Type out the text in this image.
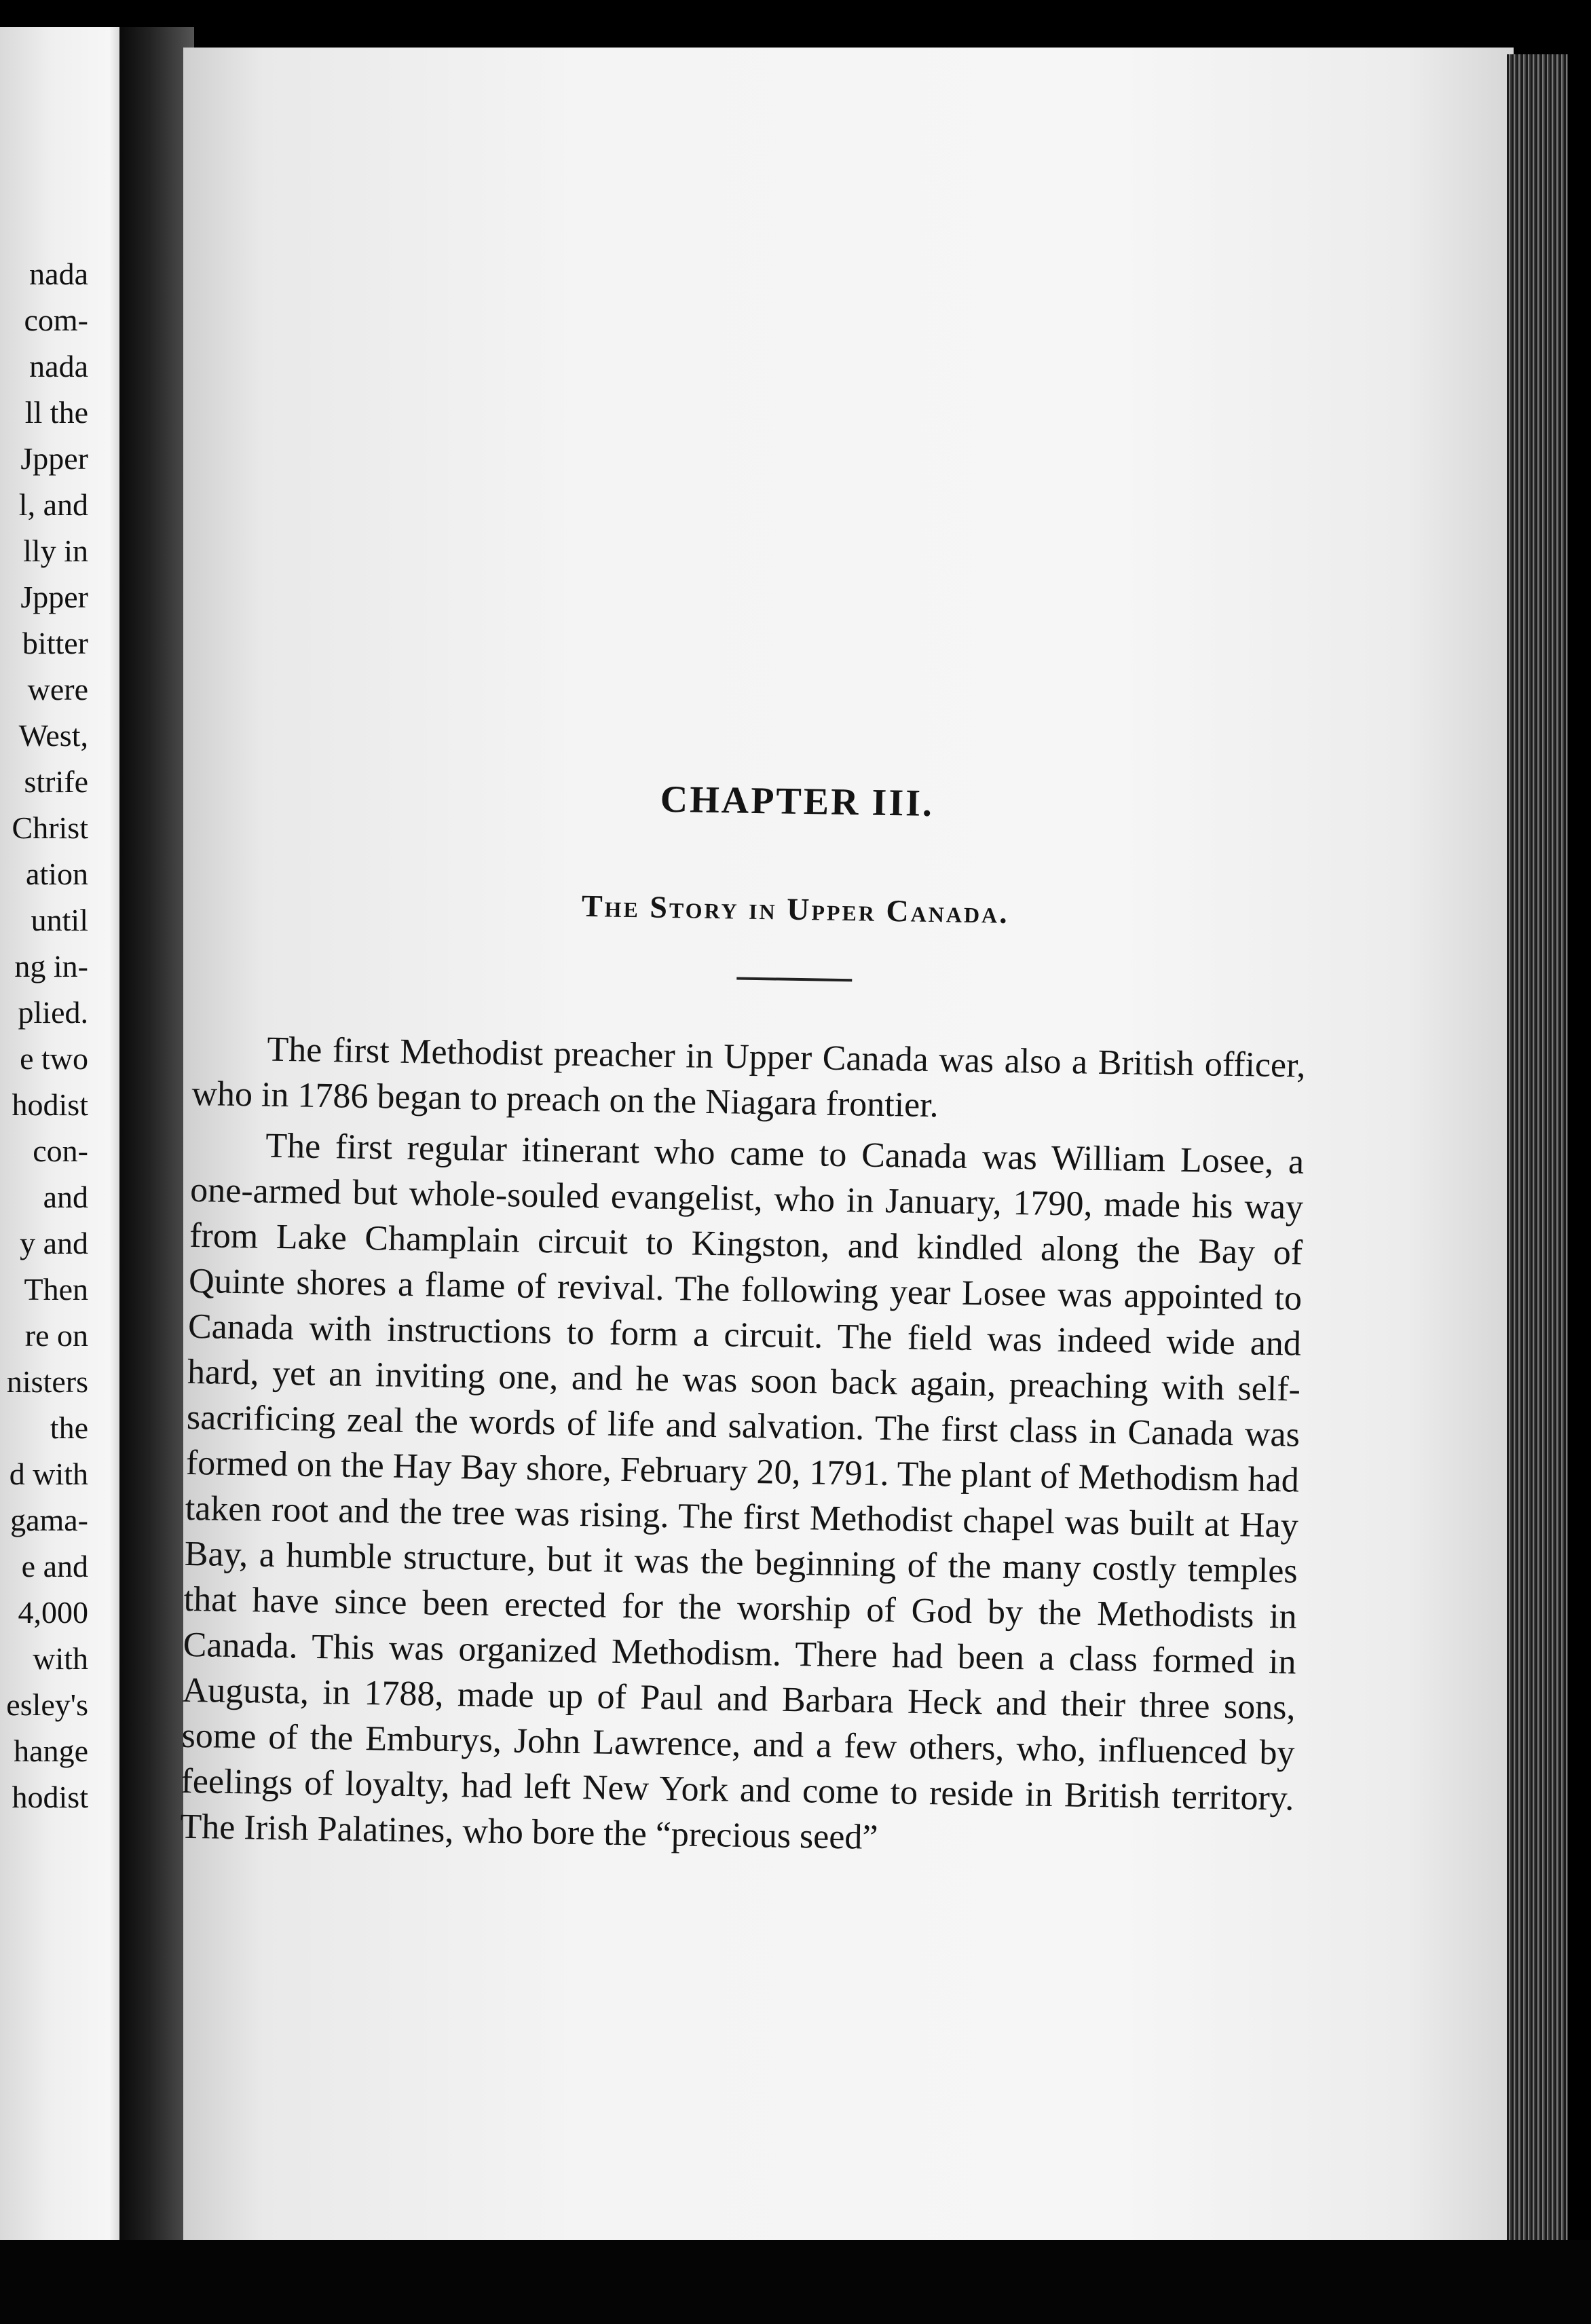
nada
com-
nada
ll the
Jpper
l, and
lly in
Jpper
bitter
were
West,
strife
Christ
ation
until
ng in-
plied.
e two
hodist
con-
and
y and
Then
re on
nisters
the
d with
gama-
e and
4,000
with
esley's
hange
hodist
CHAPTER III.
The Story in Upper Canada.

The first Methodist preacher in Upper Canada was also a British officer, who in 1786 began to preach on the Niagara frontier.

The first regular itinerant who came to Canada was William Losee, a one-armed but whole-souled evangelist, who in January, 1790, made his way from Lake Champlain circuit to Kingston, and kindled along the Bay of Quinte shores a flame of revival. The following year Losee was appointed to Canada with instructions to form a circuit. The field was indeed wide and hard, yet an inviting one, and he was soon back again, preaching with self-sacrificing zeal the words of life and salvation. The first class in Canada was formed on the Hay Bay shore, February 20, 1791. The plant of Methodism had taken root and the tree was rising. The first Methodist chapel was built at Hay Bay, a humble structure, but it was the beginning of the many costly temples that have since been erected for the worship of God by the Methodists in Canada. This was organized Methodism. There had been a class formed in Augusta, in 1788, made up of Paul and Barbara Heck and their three sons, some of the Emburys, John Lawrence, and a few others, who, influenced by feelings of loyalty, had left New York and come to reside in British territory. The Irish Palatines, who bore the “precious seed”
